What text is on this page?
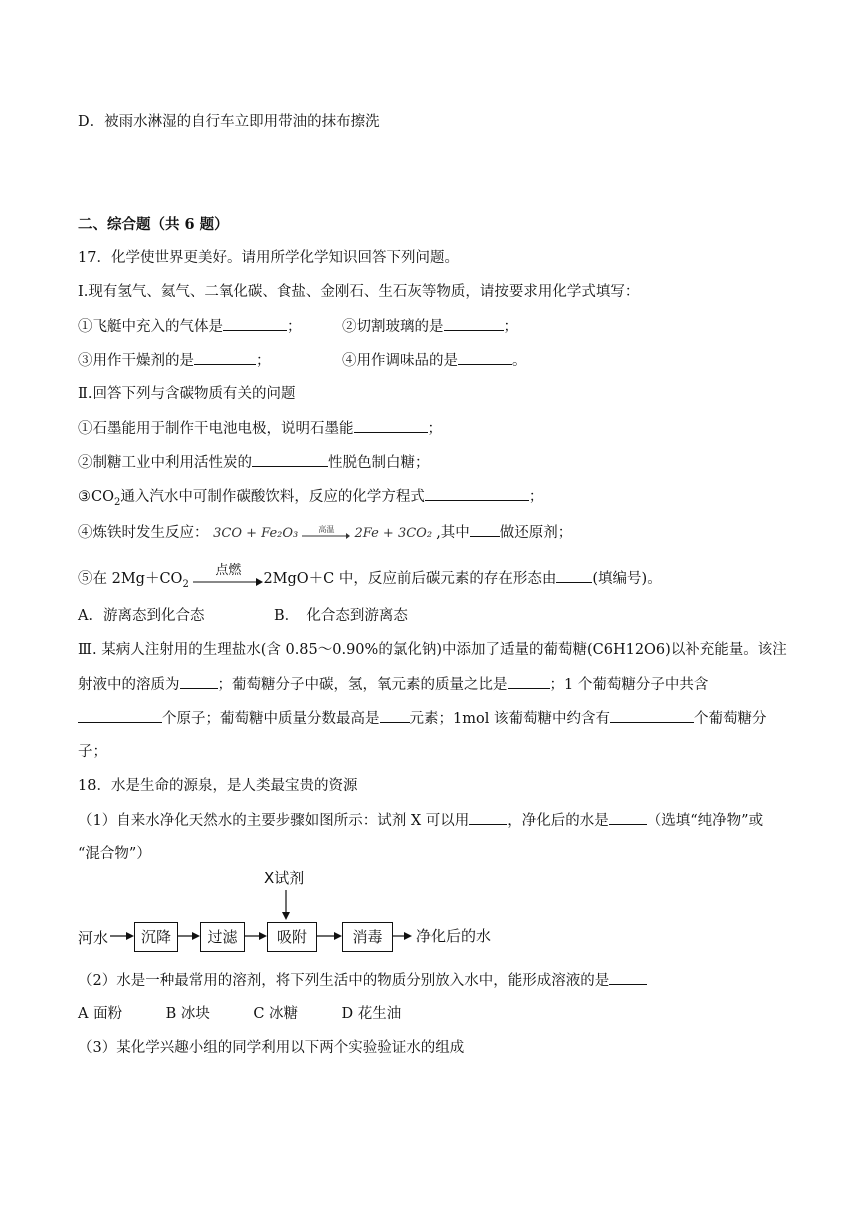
D．被雨水淋湿的自行车立即用带油的抹布擦洗
二、综合题（共 6 题）
17．化学使世界更美好。请用所学化学知识回答下列问题。
Ⅰ.现有氢气、氦气、二氧化碳、食盐、金刚石、生石灰等物质，请按要求用化学式填写：
①飞艇中充入的气体是	；	②切割玻璃的是	；
③用作干燥剂的是	；	④用作调味品的是	。
Ⅱ.回答下列与含碳物质有关的问题
①石墨能用于制作干电池电极，说明石墨能	；
②制糖工业中利用活性炭的	性脱色制白糖；
$③CO_2$通入汽水中可制作碳酸饮料，反应的化学方程式	；
④炼铁时发生反应： 3CO + Fe₂O₃	高温	2Fe + 3CO₂ ,其中 做还原剂；
⑤在 $2Mg+CO_2$
点燃
2MgO＋C 中，反应前后碳元素的存在形态由 (填编号)。
A．游离态到化合态	B．　化合态到游离态
Ⅲ. 某病人注射用的生理盐水(含 0.85～0.90%的氯化钠)中添加了适量的葡萄糖(C6H12O6)以补充能量。该注
射液中的溶质为	；葡萄糖分子中碳，氢，氧元素的质量之比是	；1 个葡萄糖分子中共含
个原子；葡萄糖中质量分数最高是 元素；1mol 该葡萄糖中约含有	个葡萄糖分
子；
18．水是生命的源泉，是人类最宝贵的资源
（1）自来水净化天然水的主要步骤如图所示：试剂 X 可以用	，净化后的水是	（选填“纯净物”或
“混合物”）
X试剂
河水	沉降	过滤	吸附	消毒	净化后的水
（2）水是一种最常用的溶剂，将下列生活中的物质分别放入水中，能形成溶液的是
A 面粉　　　B 冰块　　　C 冰糖　　　D 花生油
（3）某化学兴趣小组的同学利用以下两个实验验证水的组成
